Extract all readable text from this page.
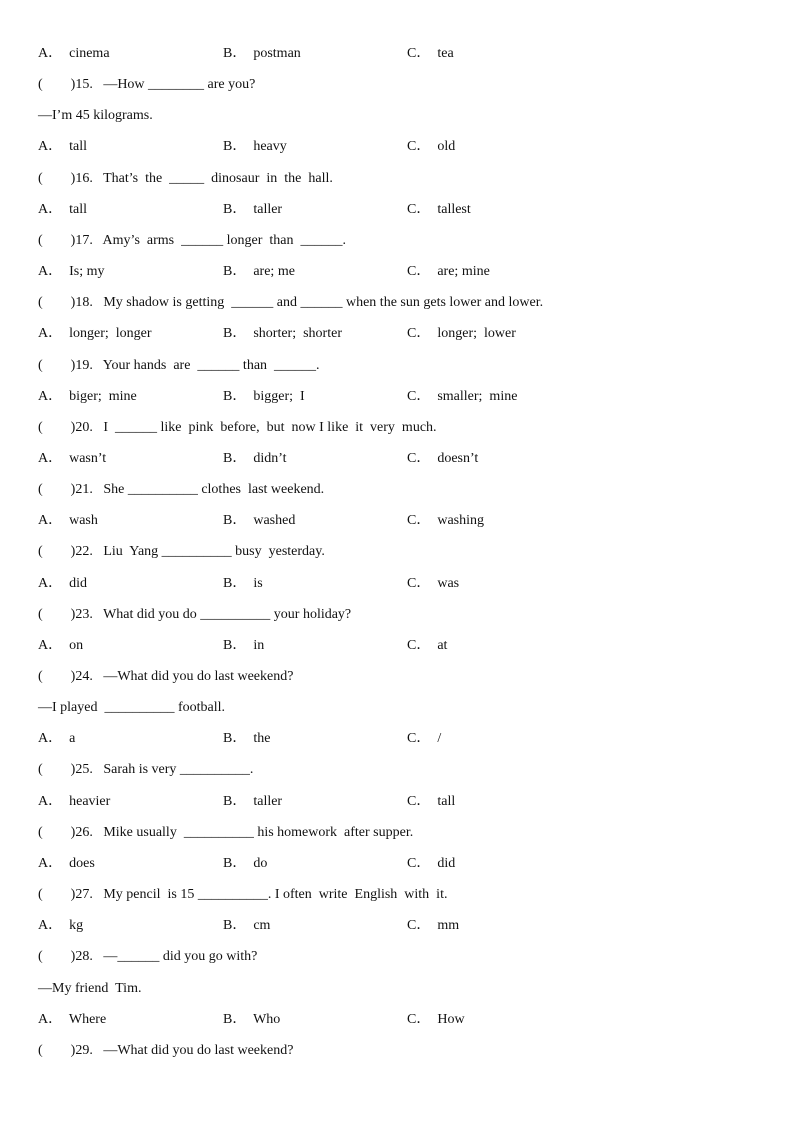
A．  cinema	B．  postman	C．  tea
(        )15.   —How ________ are you?
—I’m 45 kilograms.
A．  tall	B．  heavy	C．  old
(        )16.   That’s  the  _____  dinosaur  in  the  hall.
A．  tall	B．  taller	C．  tallest
(        )17.   Amy’s  arms  ______ longer  than  ______.
A．  Is; my	B．  are; me	C．  are; mine
(        )18.   My shadow is getting  ______ and ______ when the sun gets lower and lower.
A．  longer;  longer	B．  shorter;  shorter	C．  longer;  lower
(        )19.   Your hands  are  ______ than  ______.
A．  biger;  mine	B．  bigger;  I	C．  smaller;  mine
(        )20.   I  ______ like  pink  before,  but  now I like  it  very  much.
A．  wasn’t	B．  didn’t	C．  doesn’t
(        )21.   She __________ clothes  last weekend.
A．  wash	B．  washed	C．  washing
(        )22.   Liu  Yang __________ busy  yesterday.
A．  did	B．  is	C．  was
(        )23.   What did you do __________ your holiday?
A．  on	B．  in	C．  at
(        )24.   —What did you do last weekend?
—I played  __________ football.
A．  a	B．  the	C．  /
(        )25.   Sarah is very __________.
A．  heavier	B．  taller	C．  tall
(        )26.   Mike usually  __________ his homework  after supper.
A．  does	B．  do	C．  did
(        )27.   My pencil  is 15 __________. I often  write  English  with  it.
A．  kg	B．  cm	C．  mm
(        )28.   —______ did you go with?
—My friend  Tim.
A．  Where	B．  Who	C．  How
(        )29.   —What did you do last weekend?
